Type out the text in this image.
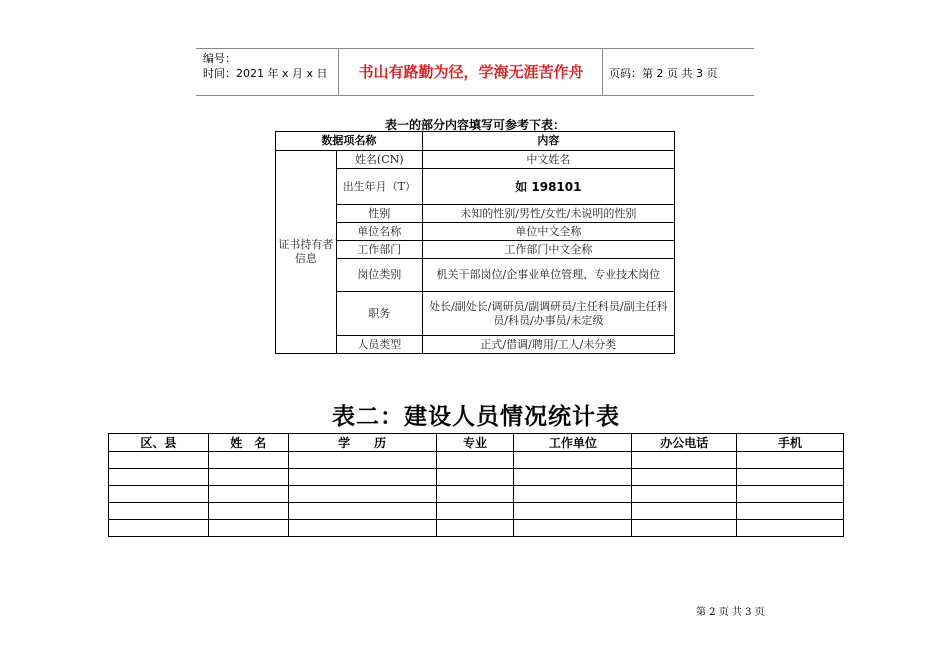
编号：
时间：2021 年 x 月 x 日	书山有路勤为径，学海无涯苦作舟	页码：第 2 页 共 3 页
表一的部分内容填写可参考下表：
数据项名称		内容
证书持有者信息	姓名(CN)	中文姓名
	出生年月（T）	如 198101
	性别	未知的性别/男性/女性/未说明的性别
	单位名称	单位中文全称
	工作部门	工作部门中文全称
	岗位类别	机关干部岗位/企事业单位管理、专业技术岗位
	职务	处长/副处长/调研员/副调研员/主任科员/副主任科员/科员/办事员/未定级
	人员类型	正式/借调/聘用/工人/未分类
表二：建设人员情况统计表
区、县	姓　名	学　　历	专业	工作单位	办公电话	手机

第 2 页 共 3 页
